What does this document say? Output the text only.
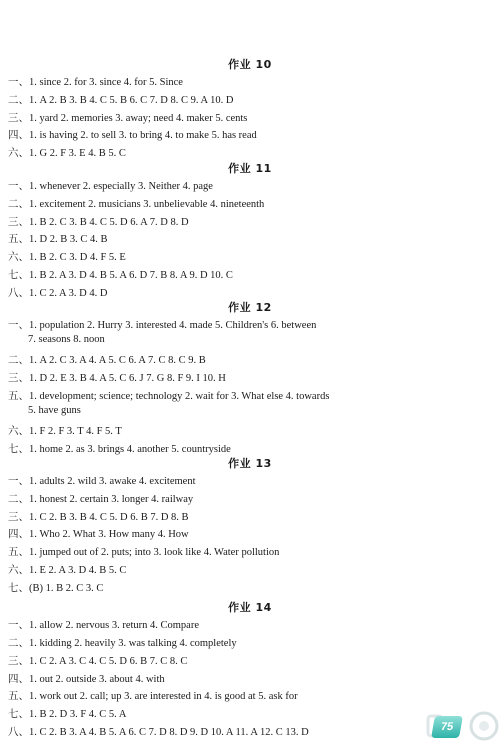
作业 10
一、1. since 2. for 3. since 4. for 5. Since
二、1. A 2. B 3. B 4. C 5. B 6. C 7. D 8. C 9. A 10. D
三、1. yard 2. memories 3. away; need 4. maker 5. cents
四、1. is having 2. to sell 3. to bring 4. to make 5. has read
六、1. G 2. F 3. E 4. B 5. C
作业 11
一、1. whenever 2. especially 3. Neither 4. page
二、1. excitement 2. musicians 3. unbelievable 4. nineteenth
三、1. B 2. C 3. B 4. C 5. D 6. A 7. D 8. D
五、1. D 2. B 3. C 4. B
六、1. B 2. C 3. D 4. F 5. E
七、1. B 2. A 3. D 4. B 5. A 6. D 7. B 8. A 9. D 10. C
八、1. C 2. A 3. D 4. D
作业 12
一、1. population 2. Hurry 3. interested 4. made 5. Children's 6. between
7. seasons 8. noon
二、1. A 2. C 3. A 4. A 5. C 6. A 7. C 8. C 9. B
三、1. D 2. E 3. B 4. A 5. C 6. J 7. G 8. F 9. I 10. H
五、1. development; science; technology 2. wait for 3. What else 4. towards
5. have guns
六、1. F 2. F 3. T 4. F 5. T
七、1. home 2. as 3. brings 4. another 5. countryside
作业 13
一、1. adults 2. wild 3. awake 4. excitement
二、1. honest 2. certain 3. longer 4. railway
三、1. C 2. B 3. B 4. C 5. D 6. B 7. D 8. B
四、1. Who 2. What 3. How many 4. How
五、1. jumped out of 2. puts; into 3. look like 4. Water pollution
六、1. E 2. A 3. D 4. B 5. C
七、(B) 1. B 2. C 3. C
作业 14
一、1. allow 2. nervous 3. return 4. Compare
二、1. kidding 2. heavily 3. was talking 4. completely
三、1. C 2. A 3. C 4. C 5. D 6. B 7. C 8. C
四、1. out 2. outside 3. about 4. with
五、1. work out 2. call; up 3. are interested in 4. is good at 5. ask for
七、1. B 2. D 3. F 4. C 5. A
八、1. C 2. B 3. A 4. B 5. A 6. C 7. D 8. D 9. D 10. A 11. A 12. C 13. D	75
